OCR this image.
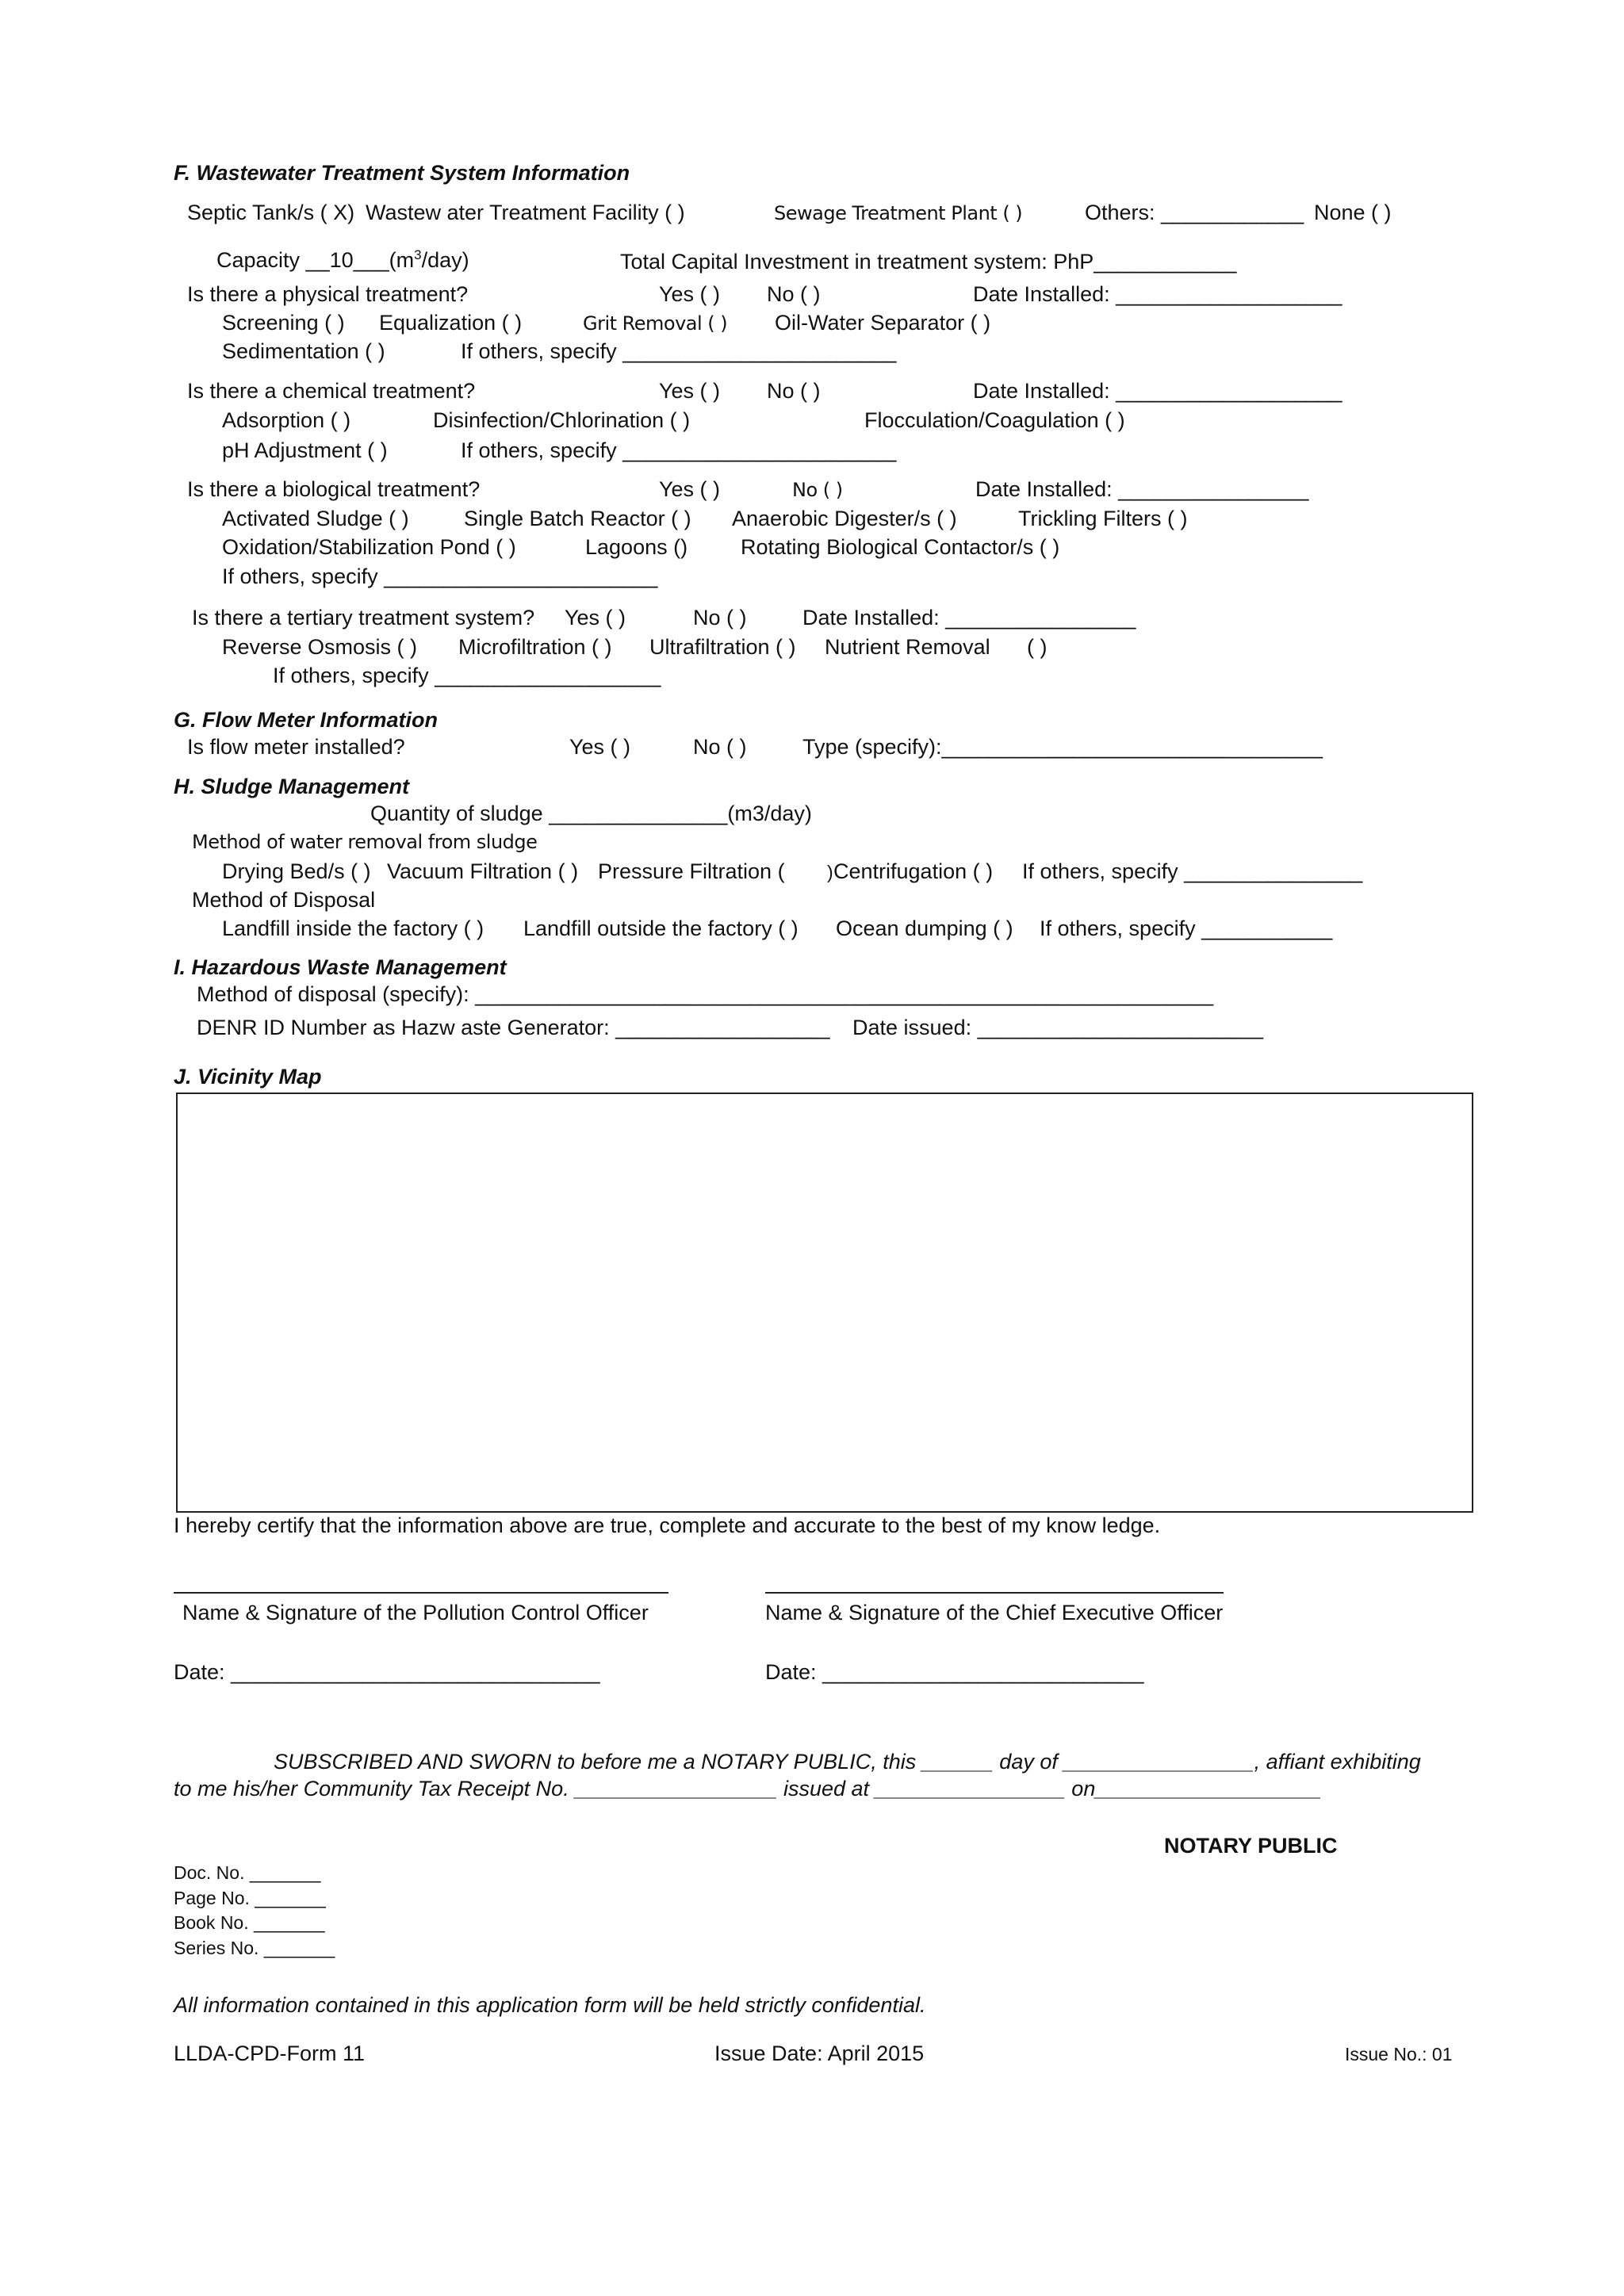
F. Wastewater Treatment System Information
Septic Tank/s ( X) Wastew ater Treatment Facility ( )	Sewage Treatment Plant ( )	Others: ____________ None ( )
Capacity $\_\_10\_\_\_(m^3/day)$	Total Capital Investment in treatment system: PhP____________
Is there a physical treatment?	Yes ( ) No ( )	Date Installed: ___________________
Screening ( ) Equalization ( )	Grit Removal ( ) Oil-Water Separator ( )
Sedimentation ( )	If others, specify _______________________
Is there a chemical treatment?	Yes ( ) No ( )	Date Installed: ___________________
Adsorption ( )	Disinfection/Chlorination ( )	Flocculation/Coagulation ( )
pH Adjustment ( )	If others, specify _______________________
Is there a biological treatment?	Yes ( )	No ( )	Date Installed: ________________
Activated Sludge ( )	Single Batch Reactor ( ) Anaerobic Digester/s ( )	Trickling Filters ( )
Oxidation/Stabilization Pond ( )	Lagoons () Rotating Biological Contactor/s ( )
If others, specify _______________________
Is there a tertiary treatment system? Yes ( )	No ( )	Date Installed: ________________
Reverse Osmosis ( ) Microfiltration ( ) Ultrafiltration ( ) Nutrient Removal ( )
If others, specify ___________________
G. Flow Meter Information
Is flow meter installed?	Yes ( )	No ( )	Type (specify):________________________________
H. Sludge Management
Quantity of sludge _______________(m3/day)
Method of water removal from sludge
Drying Bed/s ( ) Vacuum Filtration ( ) Pressure Filtration ( ) Centrifugation ( ) If others, specify _______________
Method of Disposal
Landfill inside the factory ( ) Landfill outside the factory ( ) Ocean dumping ( ) If others, specify ___________
I. Hazardous Waste Management
Method of disposal (specify): ______________________________________________________________
DENR ID Number as Hazw aste Generator: __________________ Date issued: ________________________
J. Vicinity Map
I hereby certify that the information above are true, complete and accurate to the best of my know ledge.
Name & Signature of the Pollution Control Officer	Name & Signature of the Chief Executive Officer
Date: _______________________________	Date: ___________________________
SUBSCRIBED AND SWORN to before me a NOTARY PUBLIC, this ______ day of ________________, affiant exhibiting
to me his/her Community Tax Receipt No. _________________ issued at ________________ on___________________
NOTARY PUBLIC
Doc. No. _______
Page No. _______
Book No. _______
Series No. _______
All information contained in this application form will be held strictly confidential.
LLDA-CPD-Form 11	Issue Date: April 2015	Issue No.: 01
